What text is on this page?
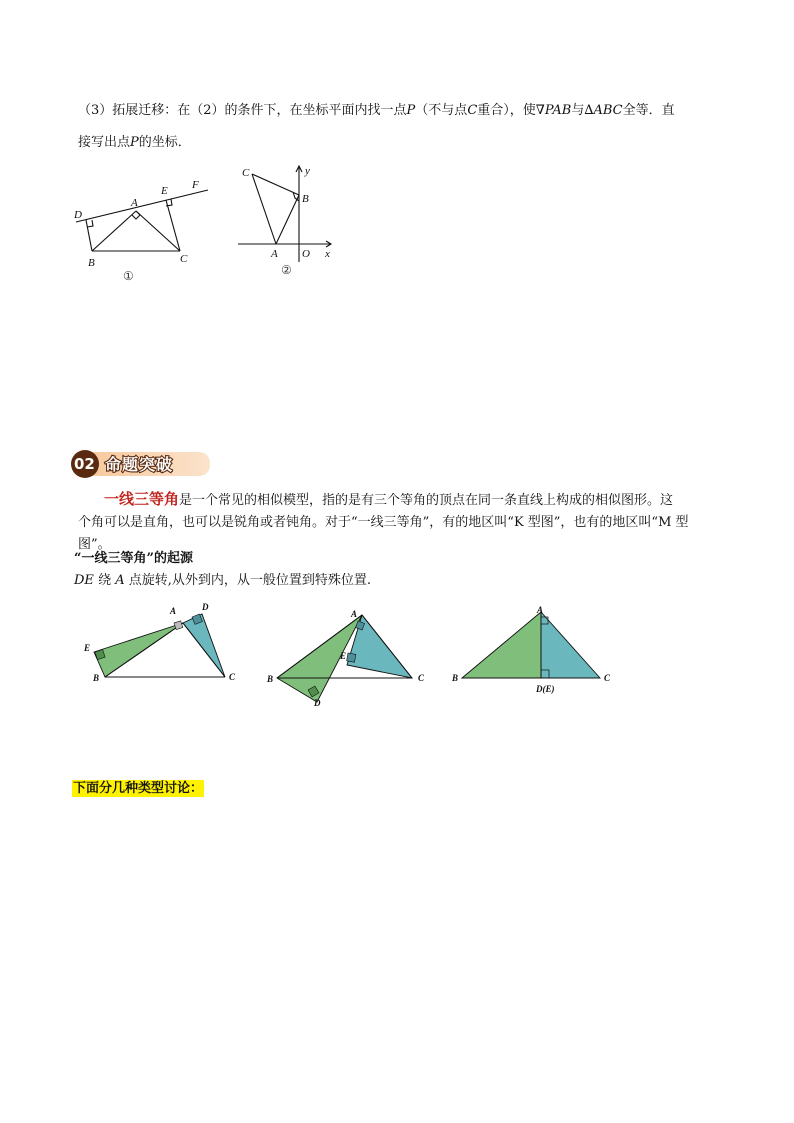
（3）拓展迁移：在（2）的条件下，在坐标平面内找一点P（不与点C重合），使∇PAB与∆ABC全等．直
接写出点P的坐标．
D
A
E F
B	C
①
C	y
B
A O x
②
02 命题突破
一线三等角是一个常见的相似模型，指的是有三个等角的顶点在同一条直线上构成的相似图形。这
个角可以是直角，也可以是锐角或者钝角。对于“一线三等角”，有的地区叫“K 型图”，也有的地区叫“M 型
图”。
“一线三等角”的起源
DE 绕 A 点旋转,从外到内，从一般位置到特殊位置.
A	D
E
B	C
A
E
B	C
D
A
B	C
D(E)
下面分几种类型讨论：
